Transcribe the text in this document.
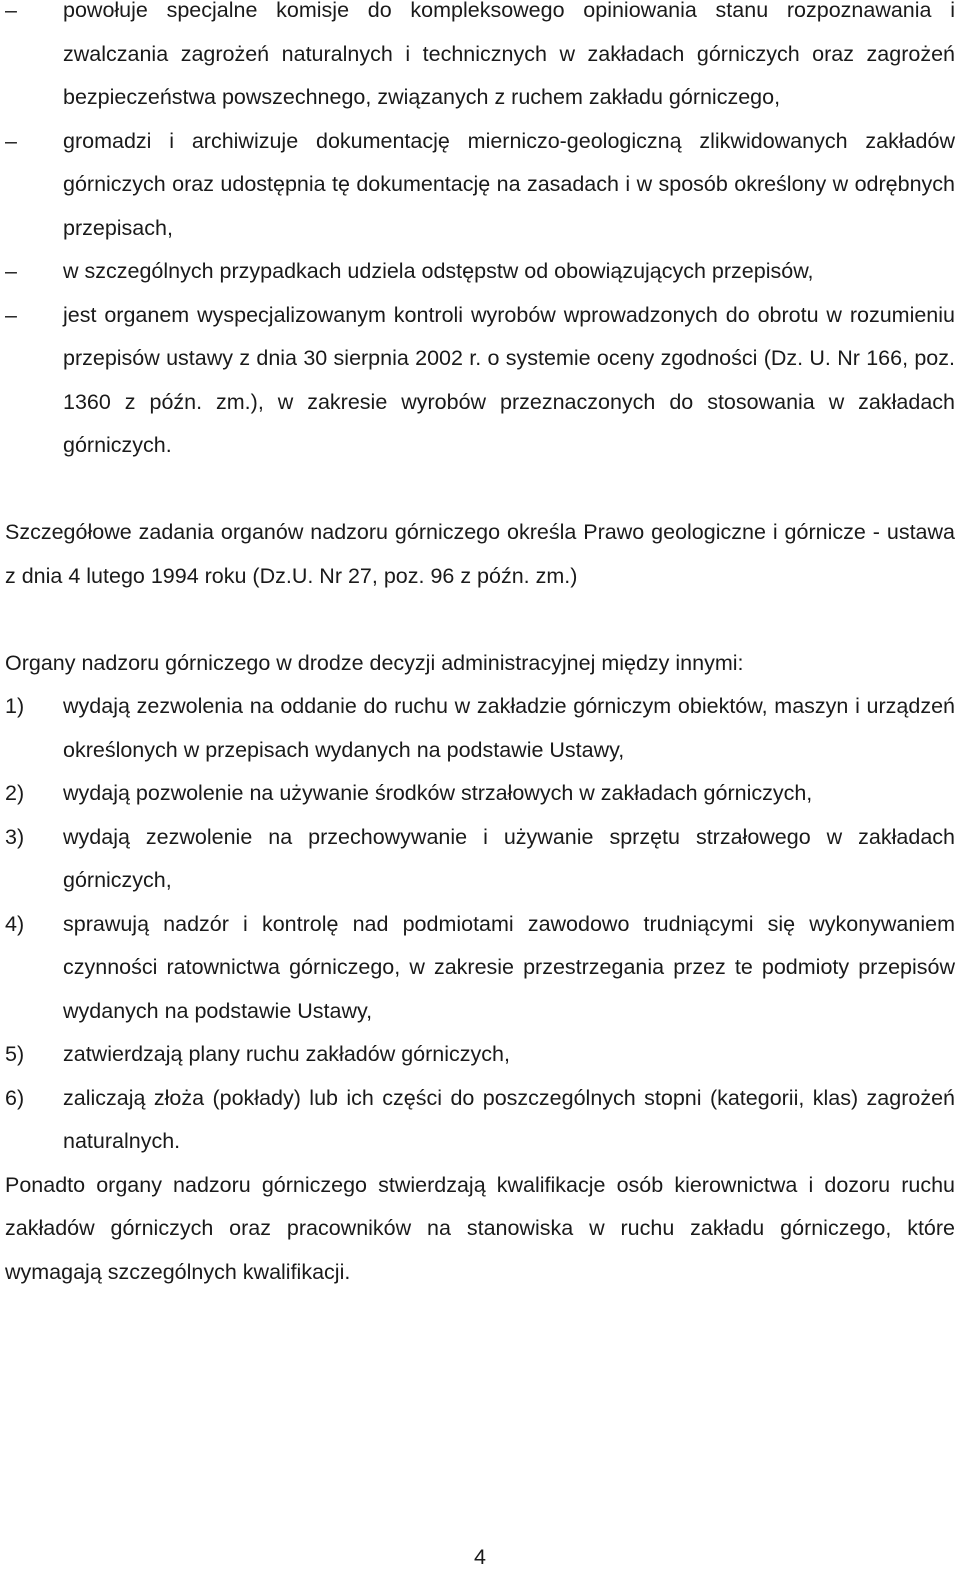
–	powołuje specjalne komisje do kompleksowego opiniowania stanu rozpoznawania i zwalczania zagrożeń naturalnych i technicznych w zakładach górniczych oraz zagrożeń bezpieczeństwa powszechnego, związanych z ruchem zakładu górniczego,
–	gromadzi i archiwizuje dokumentację mierniczo-geologiczną zlikwidowanych zakładów górniczych oraz udostępnia tę dokumentację na zasadach i w sposób określony w odrębnych przepisach,
–	w szczególnych przypadkach udziela odstępstw od obowiązujących przepisów,
–	jest organem wyspecjalizowanym kontroli wyrobów wprowadzonych do obrotu w rozumieniu przepisów ustawy z dnia 30 sierpnia 2002 r. o systemie oceny zgodności (Dz. U. Nr 166, poz. 1360 z późn. zm.), w zakresie wyrobów przeznaczonych do stosowania w zakładach górniczych.
Szczegółowe zadania organów nadzoru górniczego określa Prawo geologiczne i górnicze - ustawa z dnia 4 lutego 1994 roku (Dz.U. Nr 27, poz. 96 z późn. zm.)
Organy nadzoru górniczego w drodze decyzji administracyjnej między innymi:
1)	wydają zezwolenia na oddanie do ruchu w zakładzie górniczym obiektów, maszyn i urządzeń określonych w przepisach wydanych na podstawie Ustawy,
2)	wydają pozwolenie na używanie środków strzałowych w zakładach górniczych,
3)	wydają zezwolenie na przechowywanie i używanie sprzętu strzałowego w zakładach górniczych,
4)	sprawują nadzór i kontrolę nad podmiotami zawodowo trudniącymi się wykonywaniem czynności ratownictwa górniczego, w zakresie przestrzegania przez te podmioty przepisów wydanych na podstawie Ustawy,
5)	zatwierdzają plany ruchu zakładów górniczych,
6)	zaliczają złoża (pokłady) lub ich części do poszczególnych stopni (kategorii, klas) zagrożeń naturalnych.
Ponadto organy nadzoru górniczego stwierdzają kwalifikacje osób kierownictwa i dozoru ruchu zakładów górniczych oraz pracowników na stanowiska w ruchu zakładu górniczego, które wymagają szczególnych kwalifikacji.
4
